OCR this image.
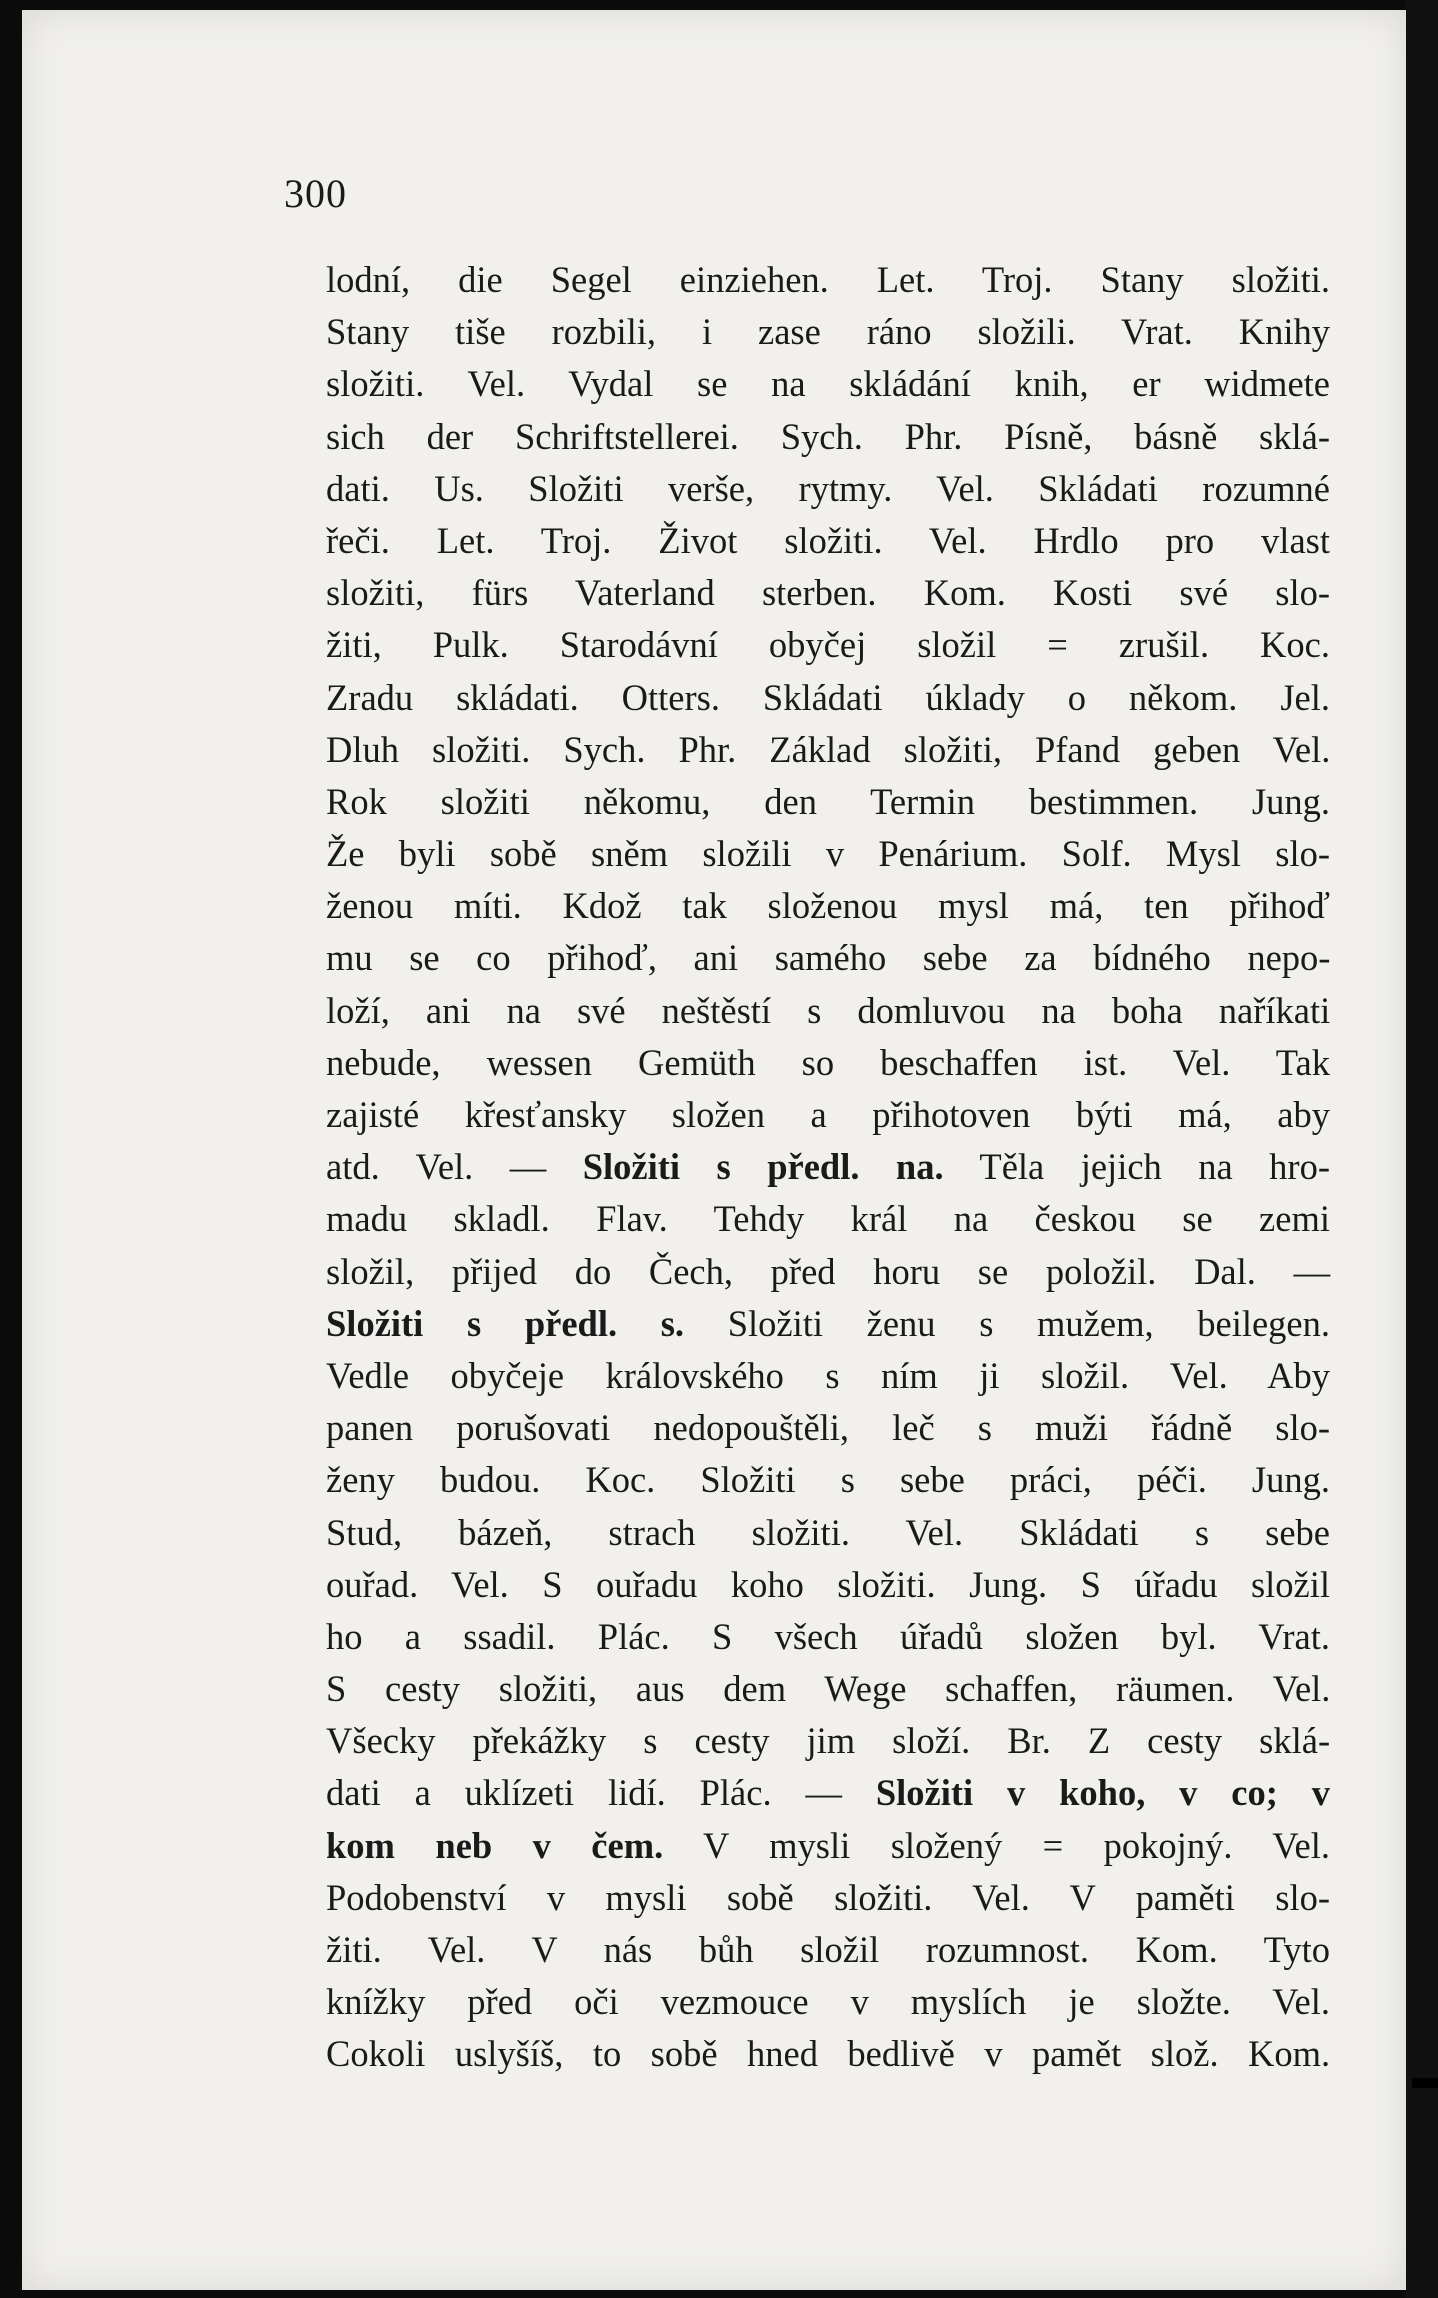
300
lodní, die Segel einziehen. Let. Troj. Stany složiti.
Stany tiše rozbili, i zase ráno složili. Vrat. Knihy
složiti. Vel. Vydal se na skládání knih, er widmete
sich der Schriftstellerei. Sych. Phr. Písně, básně sklá-
dati. Us. Složiti verše, rytmy. Vel. Skládati rozumné
řeči. Let. Troj. Život složiti. Vel. Hrdlo pro vlast
složiti, fürs Vaterland sterben. Kom. Kosti své slo-
žiti, Pulk. Starodávní obyčej složil = zrušil. Koc.
Zradu skládati. Otters. Skládati úklady o někom. Jel.
Dluh složiti. Sych. Phr. Základ složiti, Pfand geben Vel.
Rok složiti někomu, den Termin bestimmen. Jung.
Že byli sobě sněm složili v Penárium. Solf. Mysl slo-
ženou míti. Kdož tak složenou mysl má, ten přihoď
mu se co přihoď, ani samého sebe za bídného nepo-
loží, ani na své neštěstí s domluvou na boha naříkati
nebude, wessen Gemüth so beschaffen ist. Vel. Tak
zajisté křesťansky složen a přihotoven býti má, aby
atd. Vel. — Složiti s předl. na. Těla jejich na hro-
madu skladl. Flav. Tehdy král na českou se zemi
složil, přijed do Čech, před horu se položil. Dal. —
Složiti s předl. s. Složiti ženu s mužem, beilegen.
Vedle obyčeje královského s ním ji složil. Vel. Aby
panen porušovati nedopouštěli, leč s muži řádně slo-
ženy budou. Koc. Složiti s sebe práci, péči. Jung.
Stud, bázeň, strach složiti. Vel. Skládati s sebe
ouřad. Vel. S ouřadu koho složiti. Jung. S úřadu složil
ho a ssadil. Plác. S všech úřadů složen byl. Vrat.
S cesty složiti, aus dem Wege schaffen, räumen. Vel.
Všecky překážky s cesty jim složí. Br. Z cesty sklá-
dati a uklízeti lidí. Plác. — Složiti v koho, v co; v
kom neb v čem. V mysli složený = pokojný. Vel.
Podobenství v mysli sobě složiti. Vel. V paměti slo-
žiti. Vel. V nás bůh složil rozumnost. Kom. Tyto
knížky před oči vezmouce v myslích je složte. Vel.
Cokoli uslyšíš, to sobě hned bedlivě v pamět slož. Kom.
